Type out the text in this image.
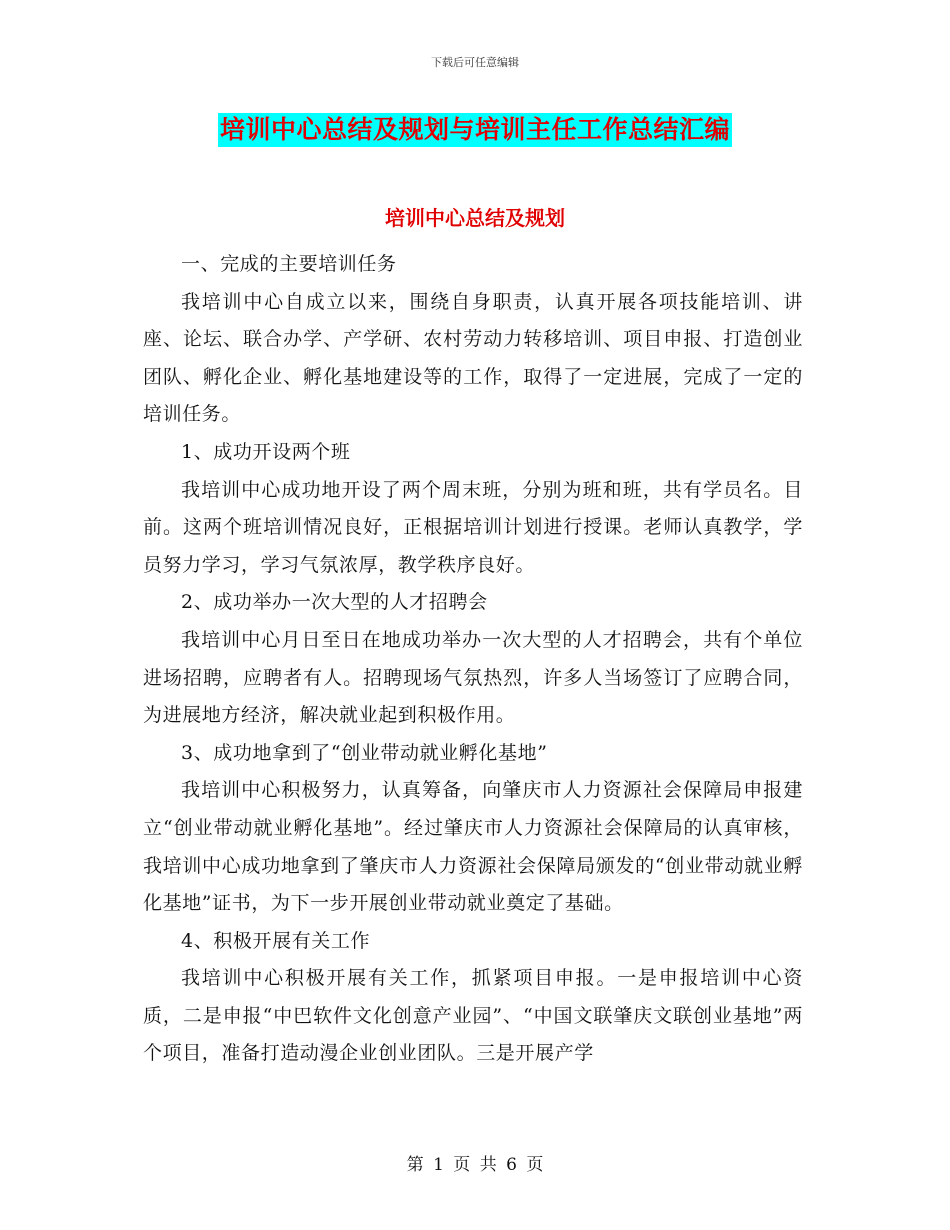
下载后可任意编辑
培训中心总结及规划与培训主任工作总结汇编
培训中心总结及规划

一、完成的主要培训任务

我培训中心自成立以来，围绕自身职责，认真开展各项技能培训、讲座、论坛、联合办学、产学研、农村劳动力转移培训、项目申报、打造创业团队、孵化企业、孵化基地建设等的工作，取得了一定进展，完成了一定的培训任务。

1、成功开设两个班

我培训中心成功地开设了两个周末班，分别为班和班，共有学员名。目前。这两个班培训情况良好，正根据培训计划进行授课。老师认真教学，学员努力学习，学习气氛浓厚，教学秩序良好。

2、成功举办一次大型的人才招聘会

我培训中心月日至日在地成功举办一次大型的人才招聘会，共有个单位进场招聘，应聘者有人。招聘现场气氛热烈，许多人当场签订了应聘合同，为进展地方经济，解决就业起到积极作用。

3、成功地拿到了“创业带动就业孵化基地”

我培训中心积极努力，认真筹备，向肇庆市人力资源社会保障局申报建立“创业带动就业孵化基地”。经过肇庆市人力资源社会保障局的认真审核，我培训中心成功地拿到了肇庆市人力资源社会保障局颁发的“创业带动就业孵化基地”证书，为下一步开展创业带动就业奠定了基础。

4、积极开展有关工作

我培训中心积极开展有关工作，抓紧项目申报。一是申报培训中心资质，二是申报“中巴软件文化创意产业园”、“中国文联肇庆文联创业基地”两个项目，准备打造动漫企业创业团队。三是开展产学

第 1 页 共 6 页
